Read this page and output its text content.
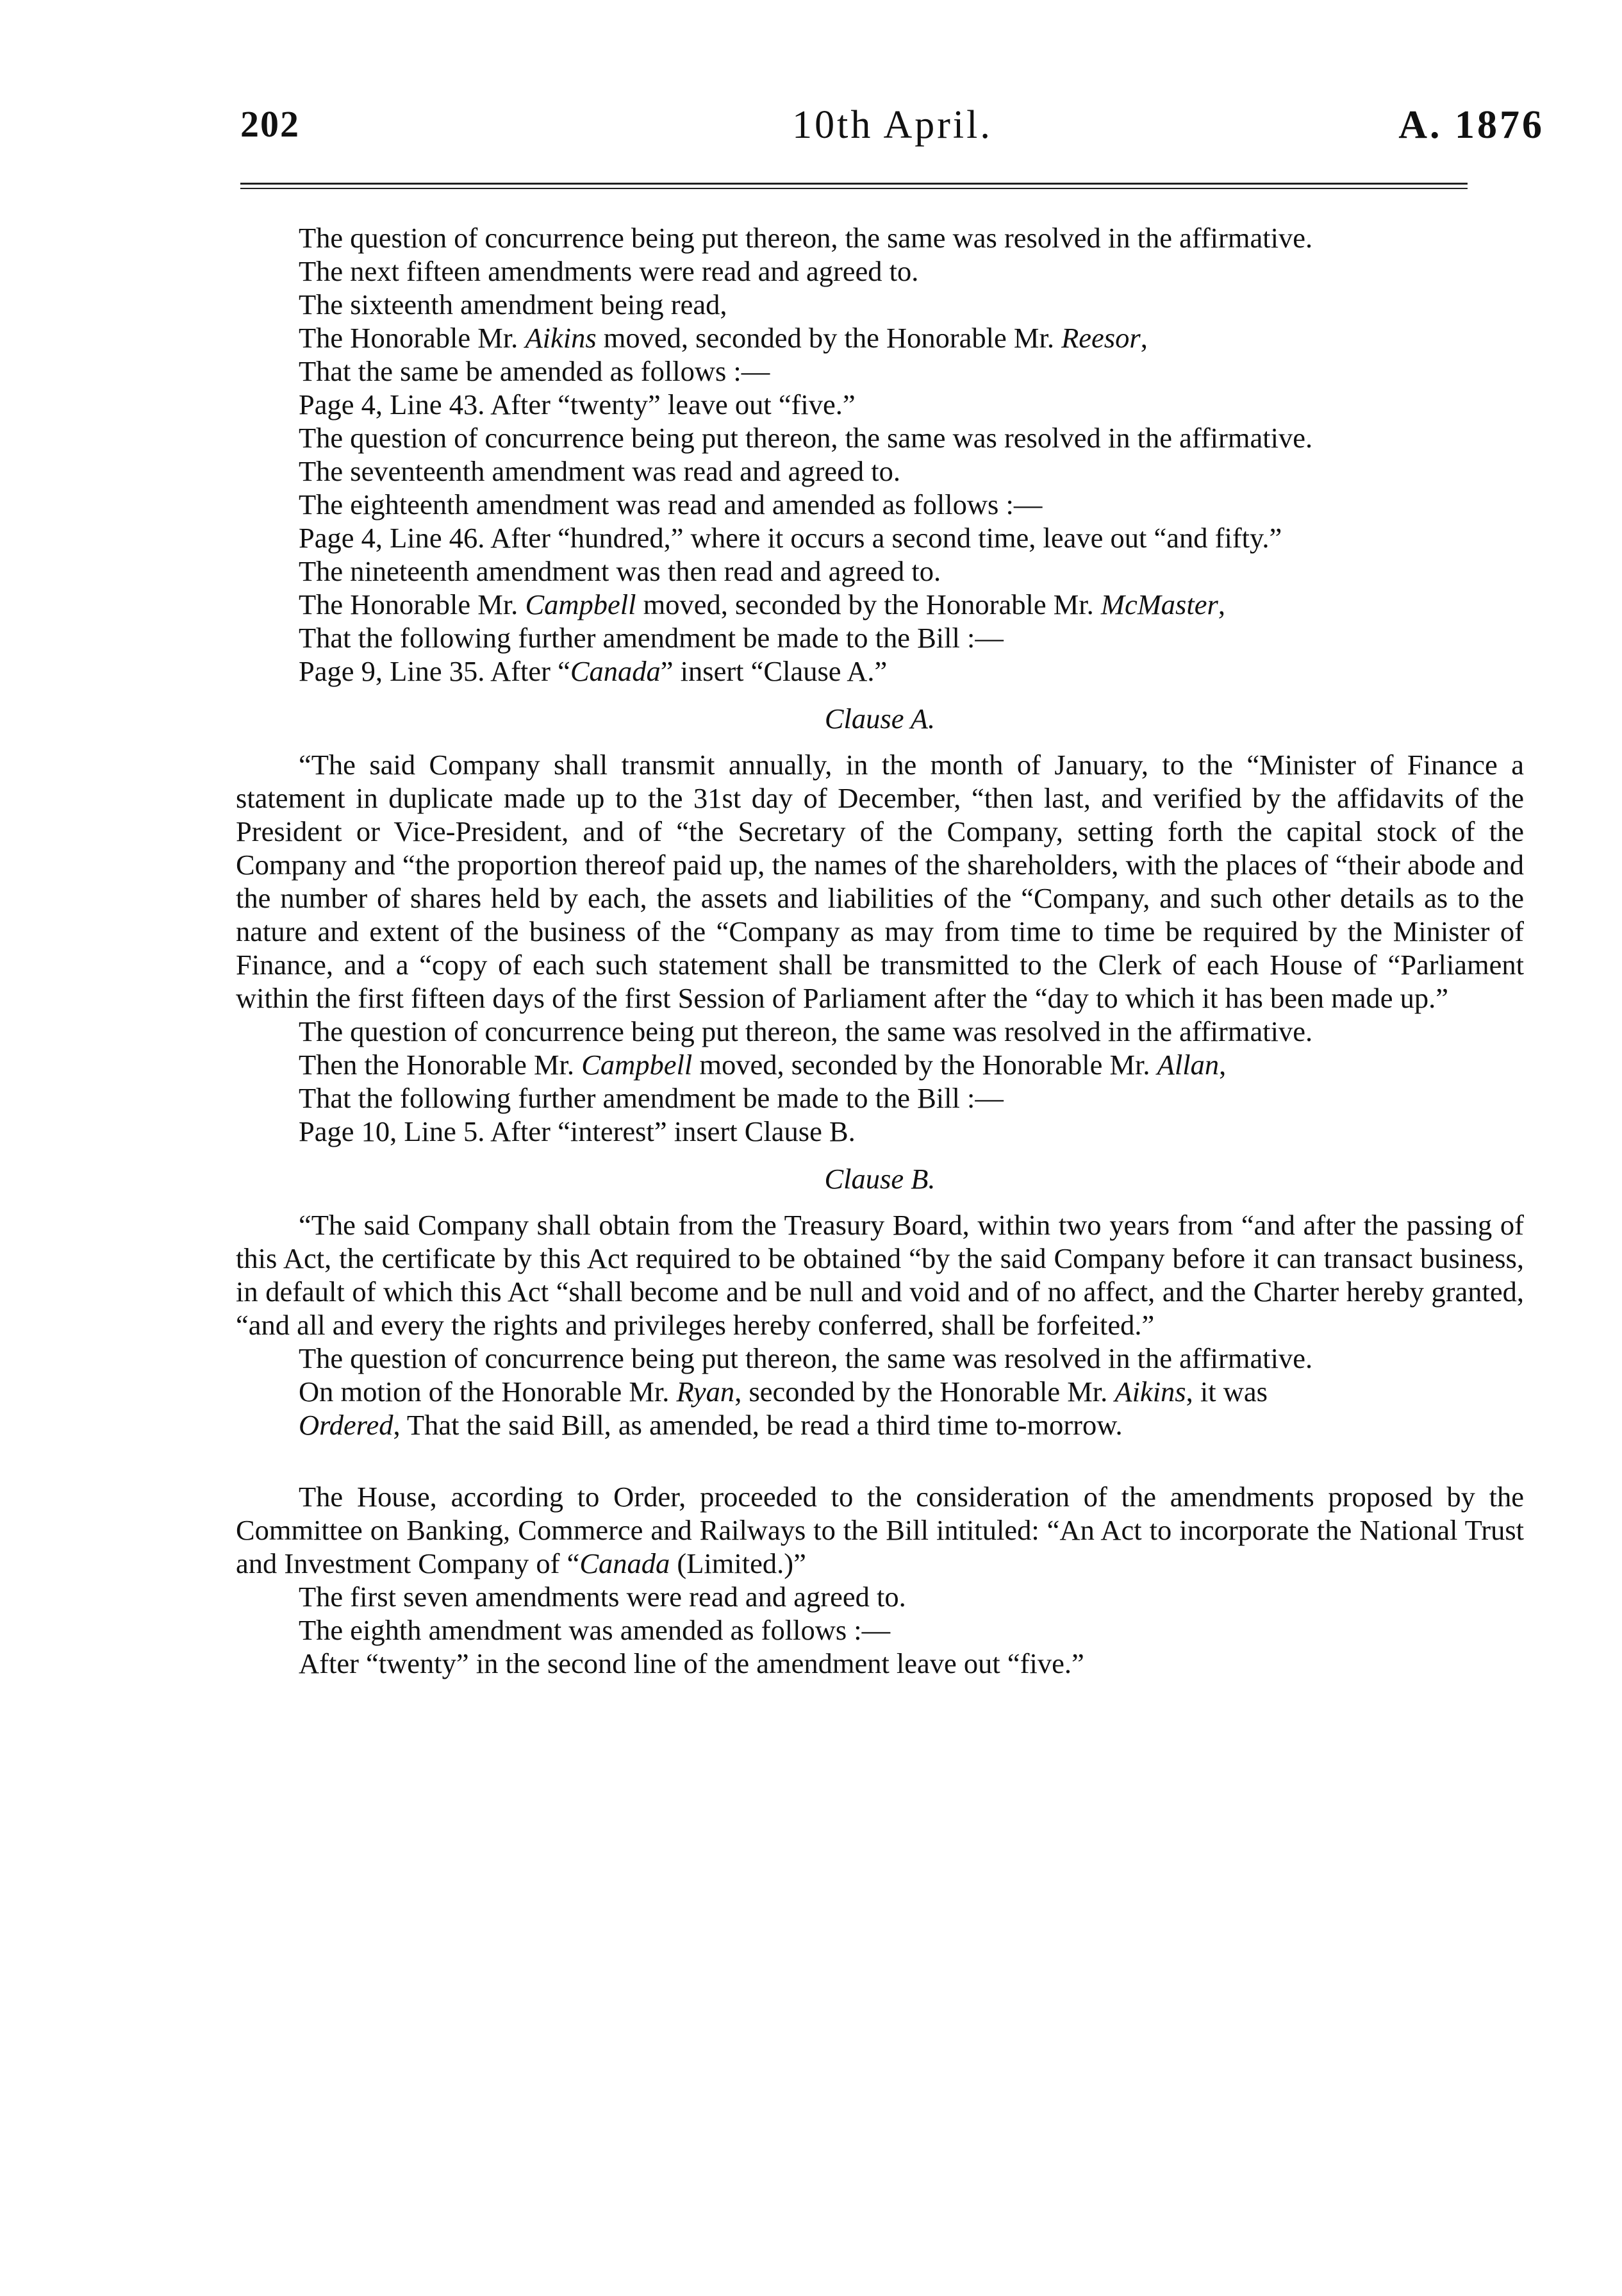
202	10th April.	A. 1876

The question of concurrence being put thereon, the same was resolved in the affirmative.

The next fifteen amendments were read and agreed to.

The sixteenth amendment being read,

The Honorable Mr. Aikins moved, seconded by the Honorable Mr. Reesor,

That the same be amended as follows :—

Page 4, Line 43. After “twenty” leave out “five.”

The question of concurrence being put thereon, the same was resolved in the affirmative.

The seventeenth amendment was read and agreed to.

The eighteenth amendment was read and amended as follows :—

Page 4, Line 46. After “hundred,” where it occurs a second time, leave out “and fifty.”

The nineteenth amendment was then read and agreed to.

The Honorable Mr. Campbell moved, seconded by the Honorable Mr. McMaster,

That the following further amendment be made to the Bill :—

Page 9, Line 35. After “Canada” insert “Clause A.”

Clause A.

“The said Company shall transmit annually, in the month of January, to the “Minister of Finance a statement in duplicate made up to the 31st day of December, “then last, and verified by the affidavits of the President or Vice-President, and of “the Secretary of the Company, setting forth the capital stock of the Company and “the proportion thereof paid up, the names of the shareholders, with the places of “their abode and the number of shares held by each, the assets and liabilities of the “Company, and such other details as to the nature and extent of the business of the “Company as may from time to time be required by the Minister of Finance, and a “copy of each such statement shall be transmitted to the Clerk of each House of “Parliament within the first fifteen days of the first Session of Parliament after the “day to which it has been made up.”

The question of concurrence being put thereon, the same was resolved in the affirmative.

Then the Honorable Mr. Campbell moved, seconded by the Honorable Mr. Allan,

That the following further amendment be made to the Bill :—

Page 10, Line 5. After “interest” insert Clause B.

Clause B.

“The said Company shall obtain from the Treasury Board, within two years from “and after the passing of this Act, the certificate by this Act required to be obtained “by the said Company before it can transact business, in default of which this Act “shall become and be null and void and of no affect, and the Charter hereby granted, “and all and every the rights and privileges hereby conferred, shall be forfeited.”

The question of concurrence being put thereon, the same was resolved in the affirmative.

On motion of the Honorable Mr. Ryan, seconded by the Honorable Mr. Aikins, it was

Ordered, That the said Bill, as amended, be read a third time to-morrow.

The House, according to Order, proceeded to the consideration of the amendments proposed by the Committee on Banking, Commerce and Railways to the Bill intituled: “An Act to incorporate the National Trust and Investment Company of “Canada (Limited.)”

The first seven amendments were read and agreed to.

The eighth amendment was amended as follows :—

After “twenty” in the second line of the amendment leave out “five.”
